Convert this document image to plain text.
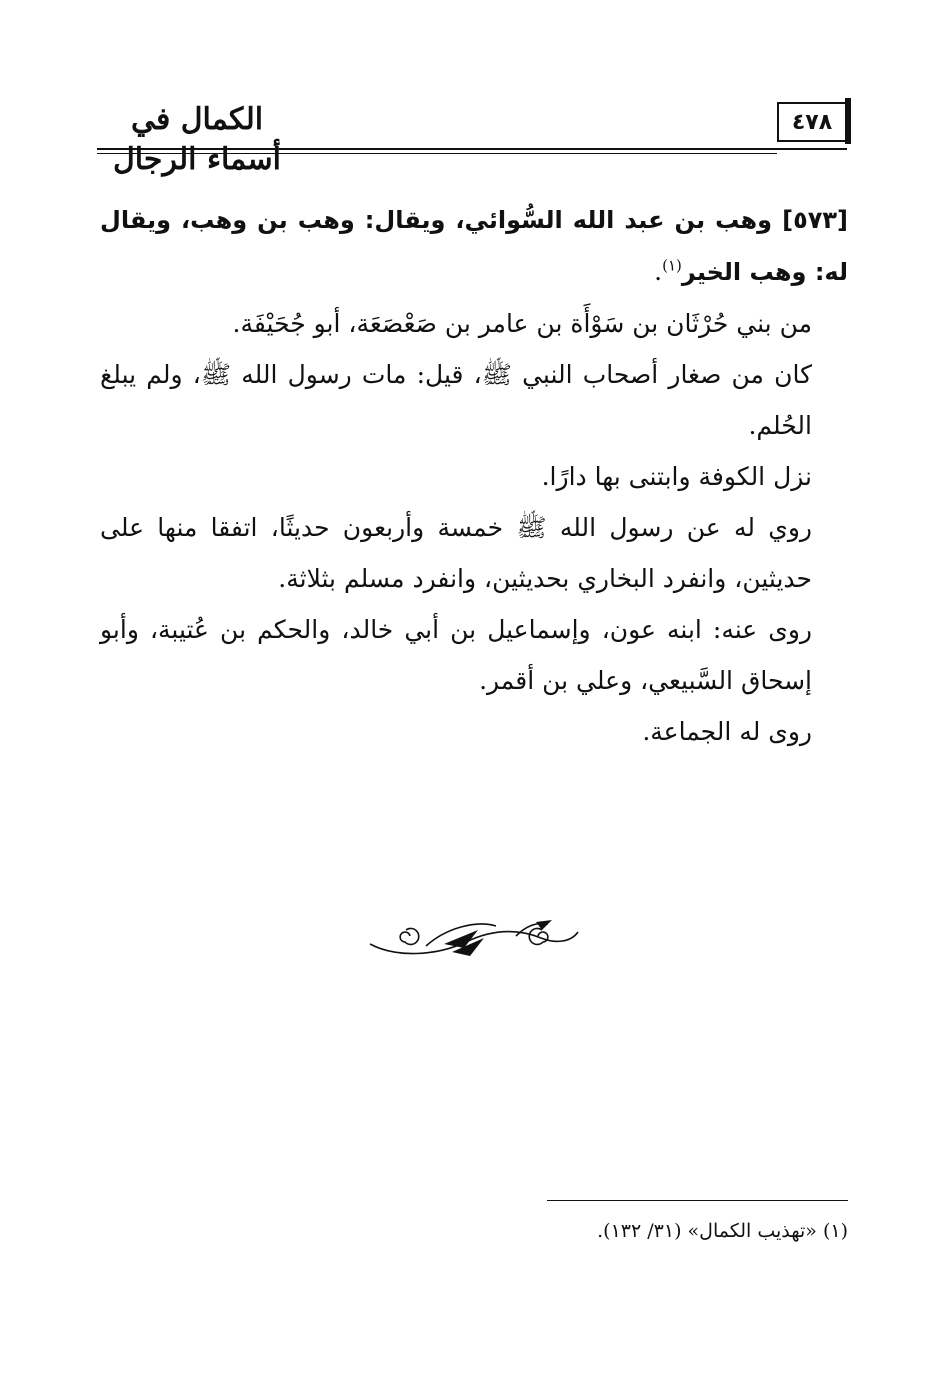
٤٧٨
الكمال في أسماء الرجال

[٥٧٣] وهب بن عبد الله السُّوائي، ويقال: وهب بن وهب، ويقال له: وهب الخير$^{(١)}$.

من بني حُرْثَان بن سَوْأَة بن عامر بن صَعْصَعَة، أبو جُحَيْفَة.

كان من صغار أصحاب النبي ﷺ، قيل: مات رسول الله ﷺ، ولم يبلغ الحُلم.

نزل الكوفة وابتنى بها دارًا.

روي له عن رسول الله ﷺ خمسة وأربعون حديثًا، اتفقا منها على حديثين، وانفرد البخاري بحديثين، وانفرد مسلم بثلاثة.

روى عنه: ابنه عون، وإسماعيل بن أبي خالد، والحكم بن عُتيبة، وأبو إسحاق السَّبيعي، وعلي بن أقمر.

روى له الجماعة.

(١) «تهذيب الكمال» (٣١/ ١٣٢).
